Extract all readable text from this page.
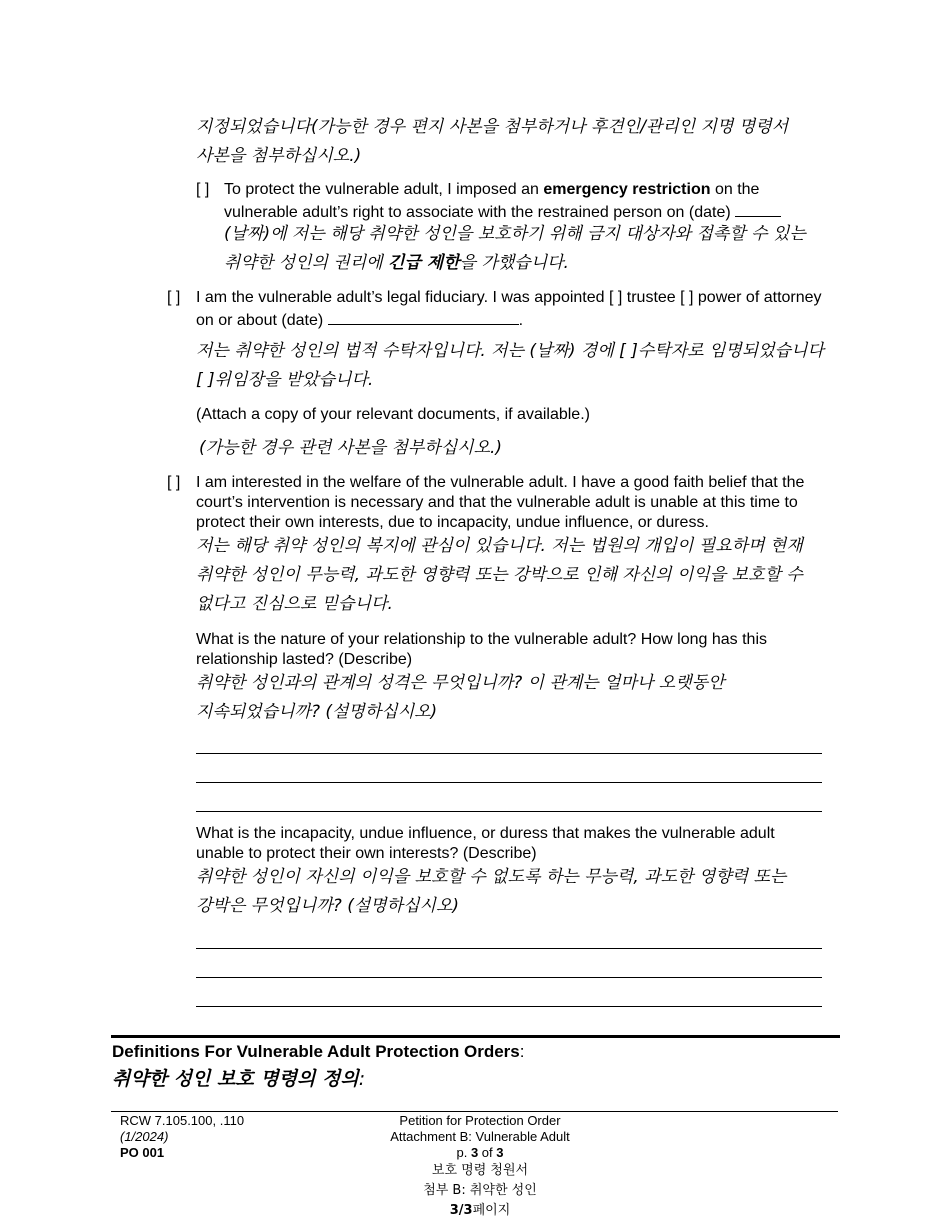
지정되었습니다(가능한 경우 편지 사본을 첨부하거나 후견인/관리인 지명 명령서
사본을 첨부하십시오.)
[ ] To protect the vulnerable adult, I imposed an emergency restriction on the vulnerable adult’s right to associate with the restrained person on (date)
(날짜)에 저는 해당 취약한 성인을 보호하기 위해 금지 대상자와 접촉할 수 있는
취약한 성인의 권리에 긴급 제한을 가했습니다.
[ ] I am the vulnerable adult’s legal fiduciary. I was appointed [ ] trustee [ ] power of attorney on or about (date)	.
저는 취약한 성인의 법적 수탁자입니다. 저는 (날짜) 경에 [ ]수탁자로 임명되었습니다
[ ]위임장을 받았습니다.
(Attach a copy of your relevant documents, if available.)
(가능한 경우 관련 사본을 첨부하십시오.)
[ ] I am interested in the welfare of the vulnerable adult. I have a good faith belief that the court’s intervention is necessary and that the vulnerable adult is unable at this time to protect their own interests, due to incapacity, undue influence, or duress.
저는 해당 취약 성인의 복지에 관심이 있습니다. 저는 법원의 개입이 필요하며 현재
취약한 성인이 무능력, 과도한 영향력 또는 강박으로 인해 자신의 이익을 보호할 수
없다고 진심으로 믿습니다.
What is the nature of your relationship to the vulnerable adult? How long has this relationship lasted? (Describe)
취약한 성인과의 관계의 성격은 무엇입니까? 이 관계는 얼마나 오랫동안
지속되었습니까? (설명하십시오)
What is the incapacity, undue influence, or duress that makes the vulnerable adult unable to protect their own interests? (Describe)
취약한 성인이 자신의 이익을 보호할 수 없도록 하는 무능력, 과도한 영향력 또는
강박은 무엇입니까? (설명하십시오)
Definitions For Vulnerable Adult Protection Orders:
취약한 성인 보호 명령의 정의:
RCW 7.105.100, .110
(1/2024)
PO 001
Petition for Protection Order
Attachment B: Vulnerable Adult
p. 3 of 3
보호 명령 청원서
첨부 B: 취약한 성인
3/3페이지
